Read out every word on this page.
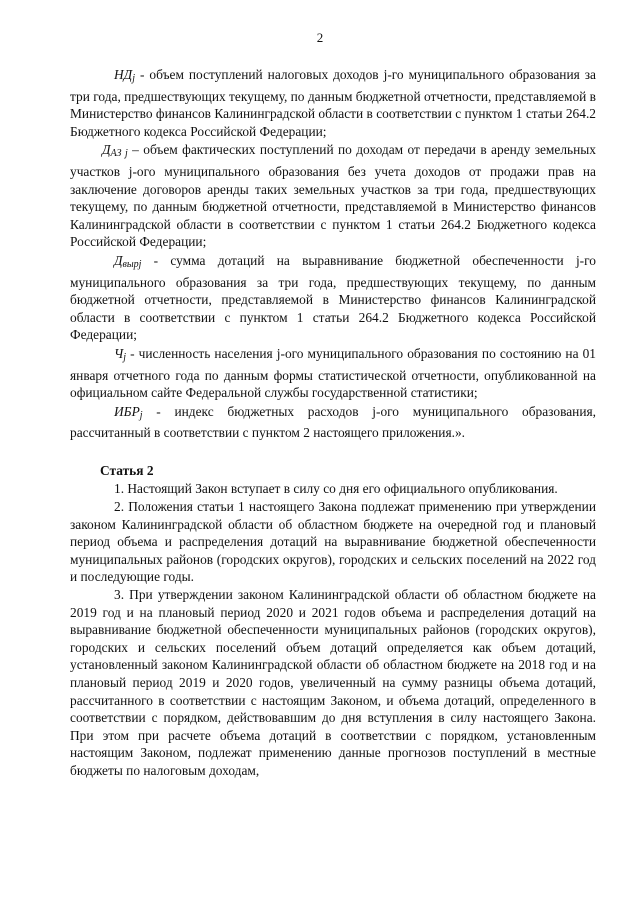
2

НДj - объем поступлений налоговых доходов j-го муниципального образования за три года, предшествующих текущему, по данным бюджетной отчетности, представляемой в Министерство финансов Калининградской области в соответствии с пунктом 1 статьи 264.2 Бюджетного кодекса Российской Федерации;

ДАЗ j – объем фактических поступлений по доходам от передачи в аренду земельных участков j-ого муниципального образования без учета доходов от продажи прав на заключение договоров аренды таких земельных участков за три года, предшествующих текущему, по данным бюджетной отчетности, представляемой в Министерство финансов Калининградской области в соответствии с пунктом 1 статьи 264.2 Бюджетного кодекса Российской Федерации;

Двырj - сумма дотаций на выравнивание бюджетной обеспеченности j-го муниципального образования за три года, предшествующих текущему, по данным бюджетной отчетности, представляемой в Министерство финансов Калининградской области в соответствии с пунктом 1 статьи 264.2 Бюджетного кодекса Российской Федерации;

Чj - численность населения j-ого муниципального образования по состоянию на 01 января отчетного года по данным формы статистической отчетности, опубликованной на официальном сайте Федеральной службы государственной статистики;

ИБРj - индекс бюджетных расходов j-ого муниципального образования, рассчитанный в соответствии с пунктом 2 настоящего приложения.».

Статья 2

1. Настоящий Закон вступает в силу со дня его официального опубликования.

2. Положения статьи 1 настоящего Закона подлежат применению при утверждении законом Калининградской области об областном бюджете на очередной год и плановый период объема и распределения дотаций на выравнивание бюджетной обеспеченности муниципальных районов (городских округов), городских и сельских поселений на 2022 год и последующие годы.

3. При утверждении законом Калининградской области об областном бюджете на 2019 год и на плановый период 2020 и 2021 годов объема и распределения дотаций на выравнивание бюджетной обеспеченности муниципальных районов (городских округов), городских и сельских поселений объем дотаций определяется как объем дотаций, установленный законом Калининградской области об областном бюджете на 2018 год и на плановый период 2019 и 2020 годов, увеличенный на сумму разницы объема дотаций, рассчитанного в соответствии с настоящим Законом, и объема дотаций, определенного в соответствии с порядком, действовавшим до дня вступления в силу настоящего Закона. При этом при расчете объема дотаций в соответствии с порядком, установленным настоящим Законом, подлежат применению данные прогнозов поступлений в местные бюджеты по налоговым доходам,
